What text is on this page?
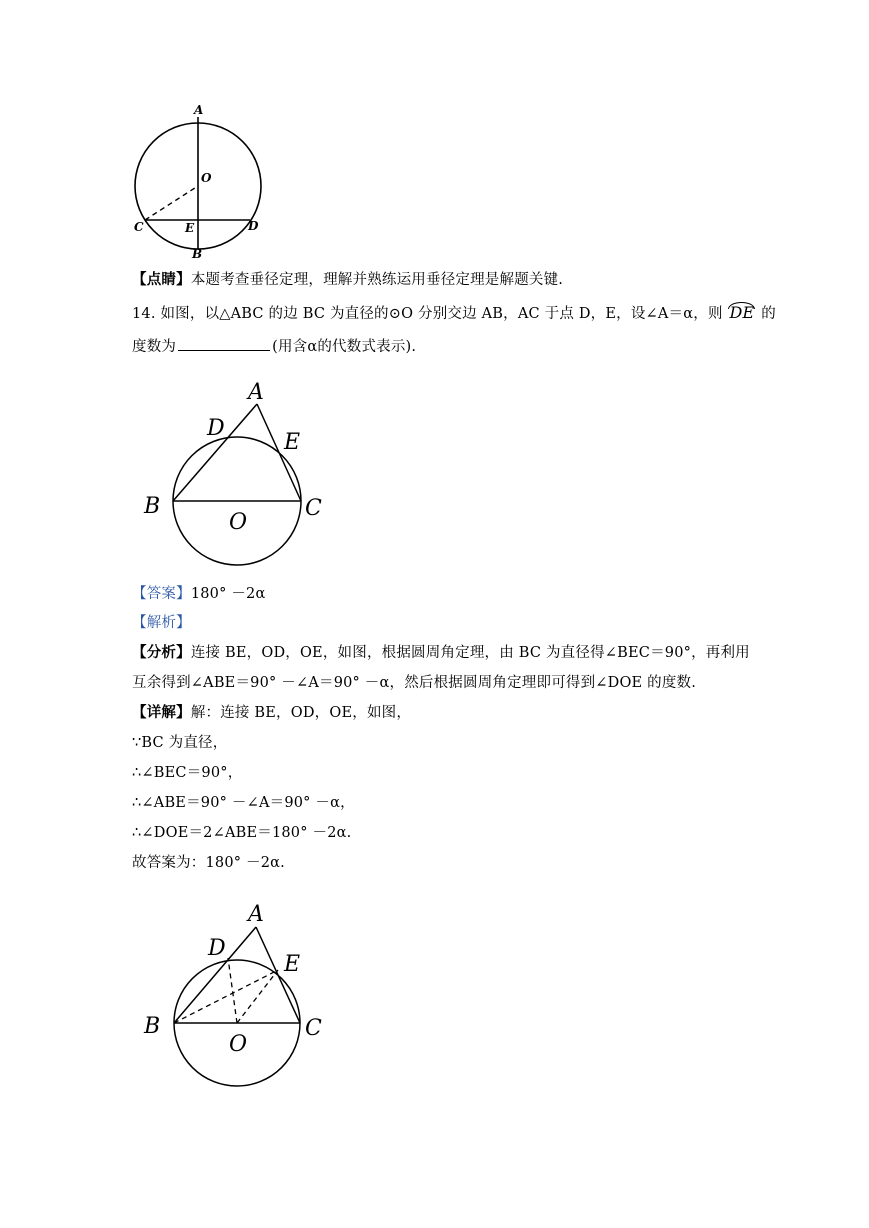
A
O
C	E	D
B
【点睛】本题考查垂径定理，理解并熟练运用垂径定理是解题关键.
14. 如图，以△ABC 的边 BC 为直径的⊙O 分别交边 AB，AC 于点 D，E，设∠A＝α，则 DE 的
度数为	(用含α的代数式表示).
A
D
E
B
O
C
【答案】180° －2α
【解析】
【分析】连接 BE，OD，OE，如图，根据圆周角定理，由 BC 为直径得∠BEC＝90°，再利用
互余得到∠ABE＝90° －∠A＝90° －α，然后根据圆周角定理即可得到∠DOE 的度数.
【详解】解：连接 BE，OD，OE，如图，
∵BC 为直径，
∴∠BEC＝90°，
∴∠ABE＝90° －∠A＝90° －α，
∴∠DOE＝2∠ABE＝180° －2α.
故答案为：180° －2α.
A
D
E
B
O
C
